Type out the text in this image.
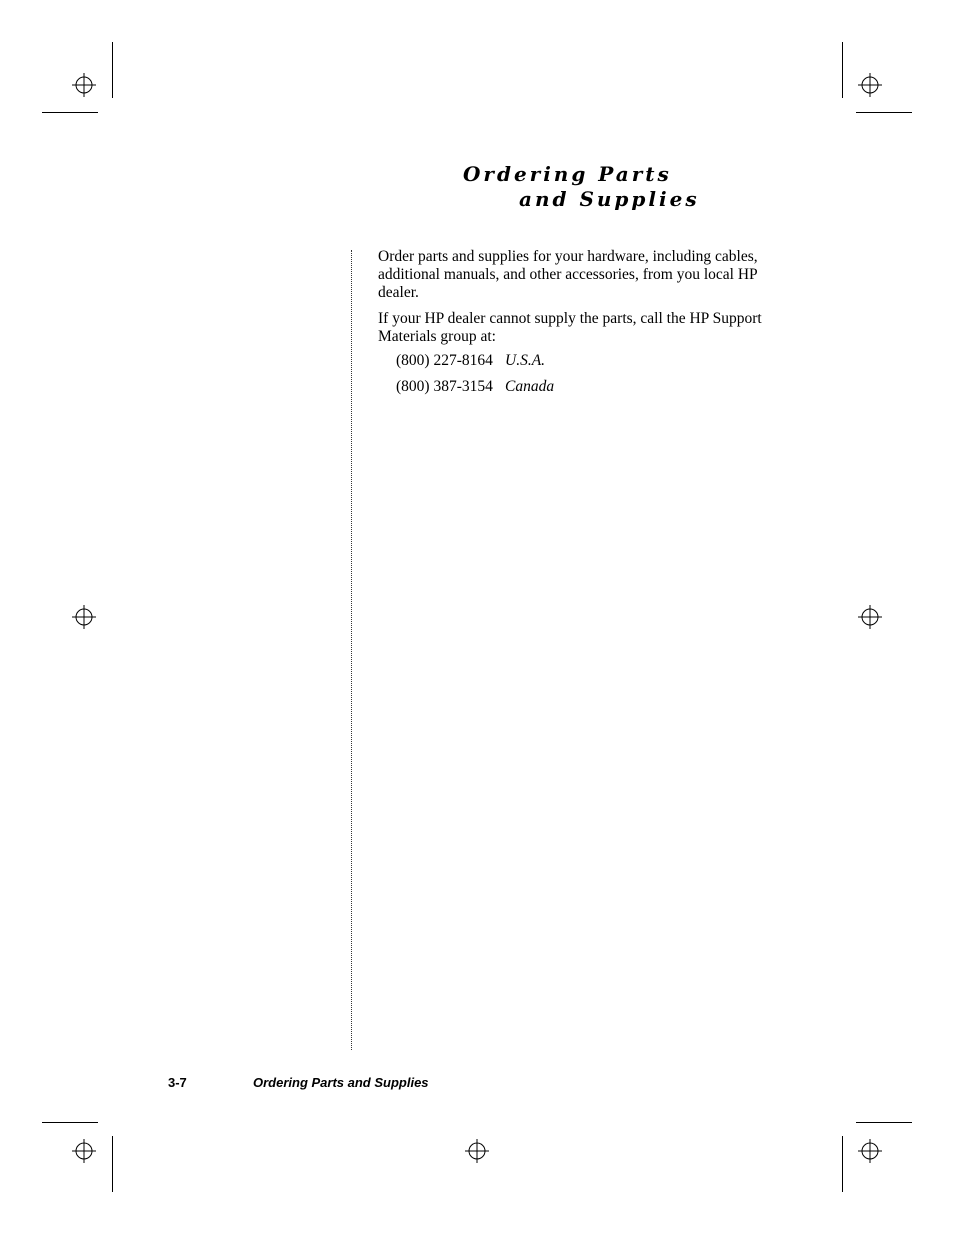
Ordering Parts
and Supplies

Order parts and supplies for your hardware, including cables, additional manuals, and other accessories, from you local HP dealer.

If your HP dealer cannot supply the parts, call the HP Support Materials group at:

(800) 227-8164 U.S.A.
(800) 387-3154 Canada
3-7	Ordering Parts and Supplies
